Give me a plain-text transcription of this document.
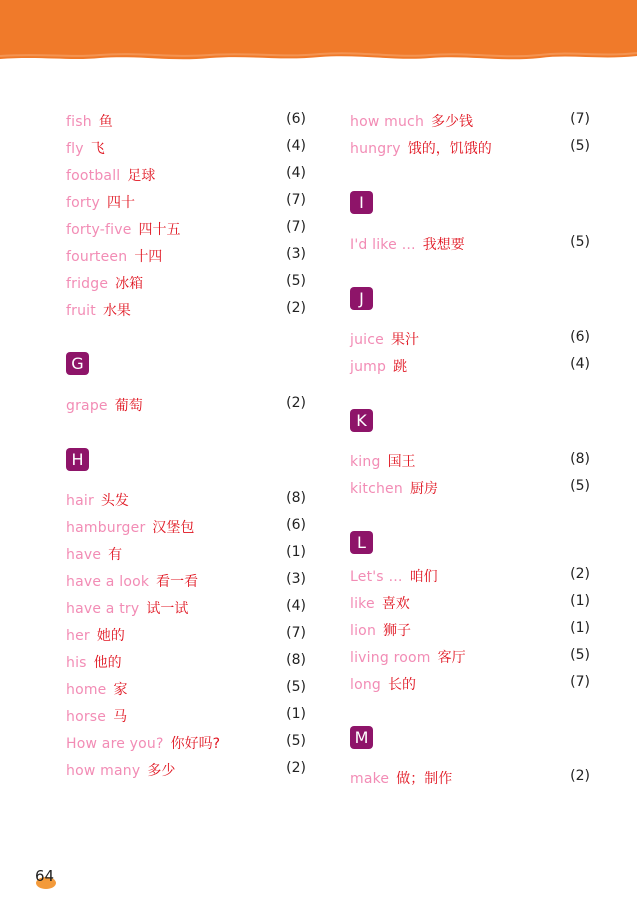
fish 鱼	(6)
fly 飞	(4)
football 足球	(4)
forty 四十	(7)
forty-five 四十五	(7)
fourteen 十四	(3)
fridge 冰箱	(5)
fruit 水果	(2)
G
grape 葡萄	(2)
H
hair 头发	(8)
hamburger 汉堡包	(6)
have 有	(1)
have a look 看一看	(3)
have a try 试一试	(4)
her 她的	(7)
his 他的	(8)
home 家	(5)
horse 马	(1)
How are you? 你好吗?	(5)
how many 多少	(2)
how much 多少钱	(7)
hungry 饿的，饥饿的	(5)
I
I'd like … 我想要	(5)
J
juice 果汁	(6)
jump 跳	(4)
K
king 国王	(8)
kitchen 厨房	(5)
L
Let's … 咱们	(2)
like 喜欢	(1)
lion 狮子	(1)
living room 客厅	(5)
long 长的	(7)
M
make 做；制作	(2)
64
